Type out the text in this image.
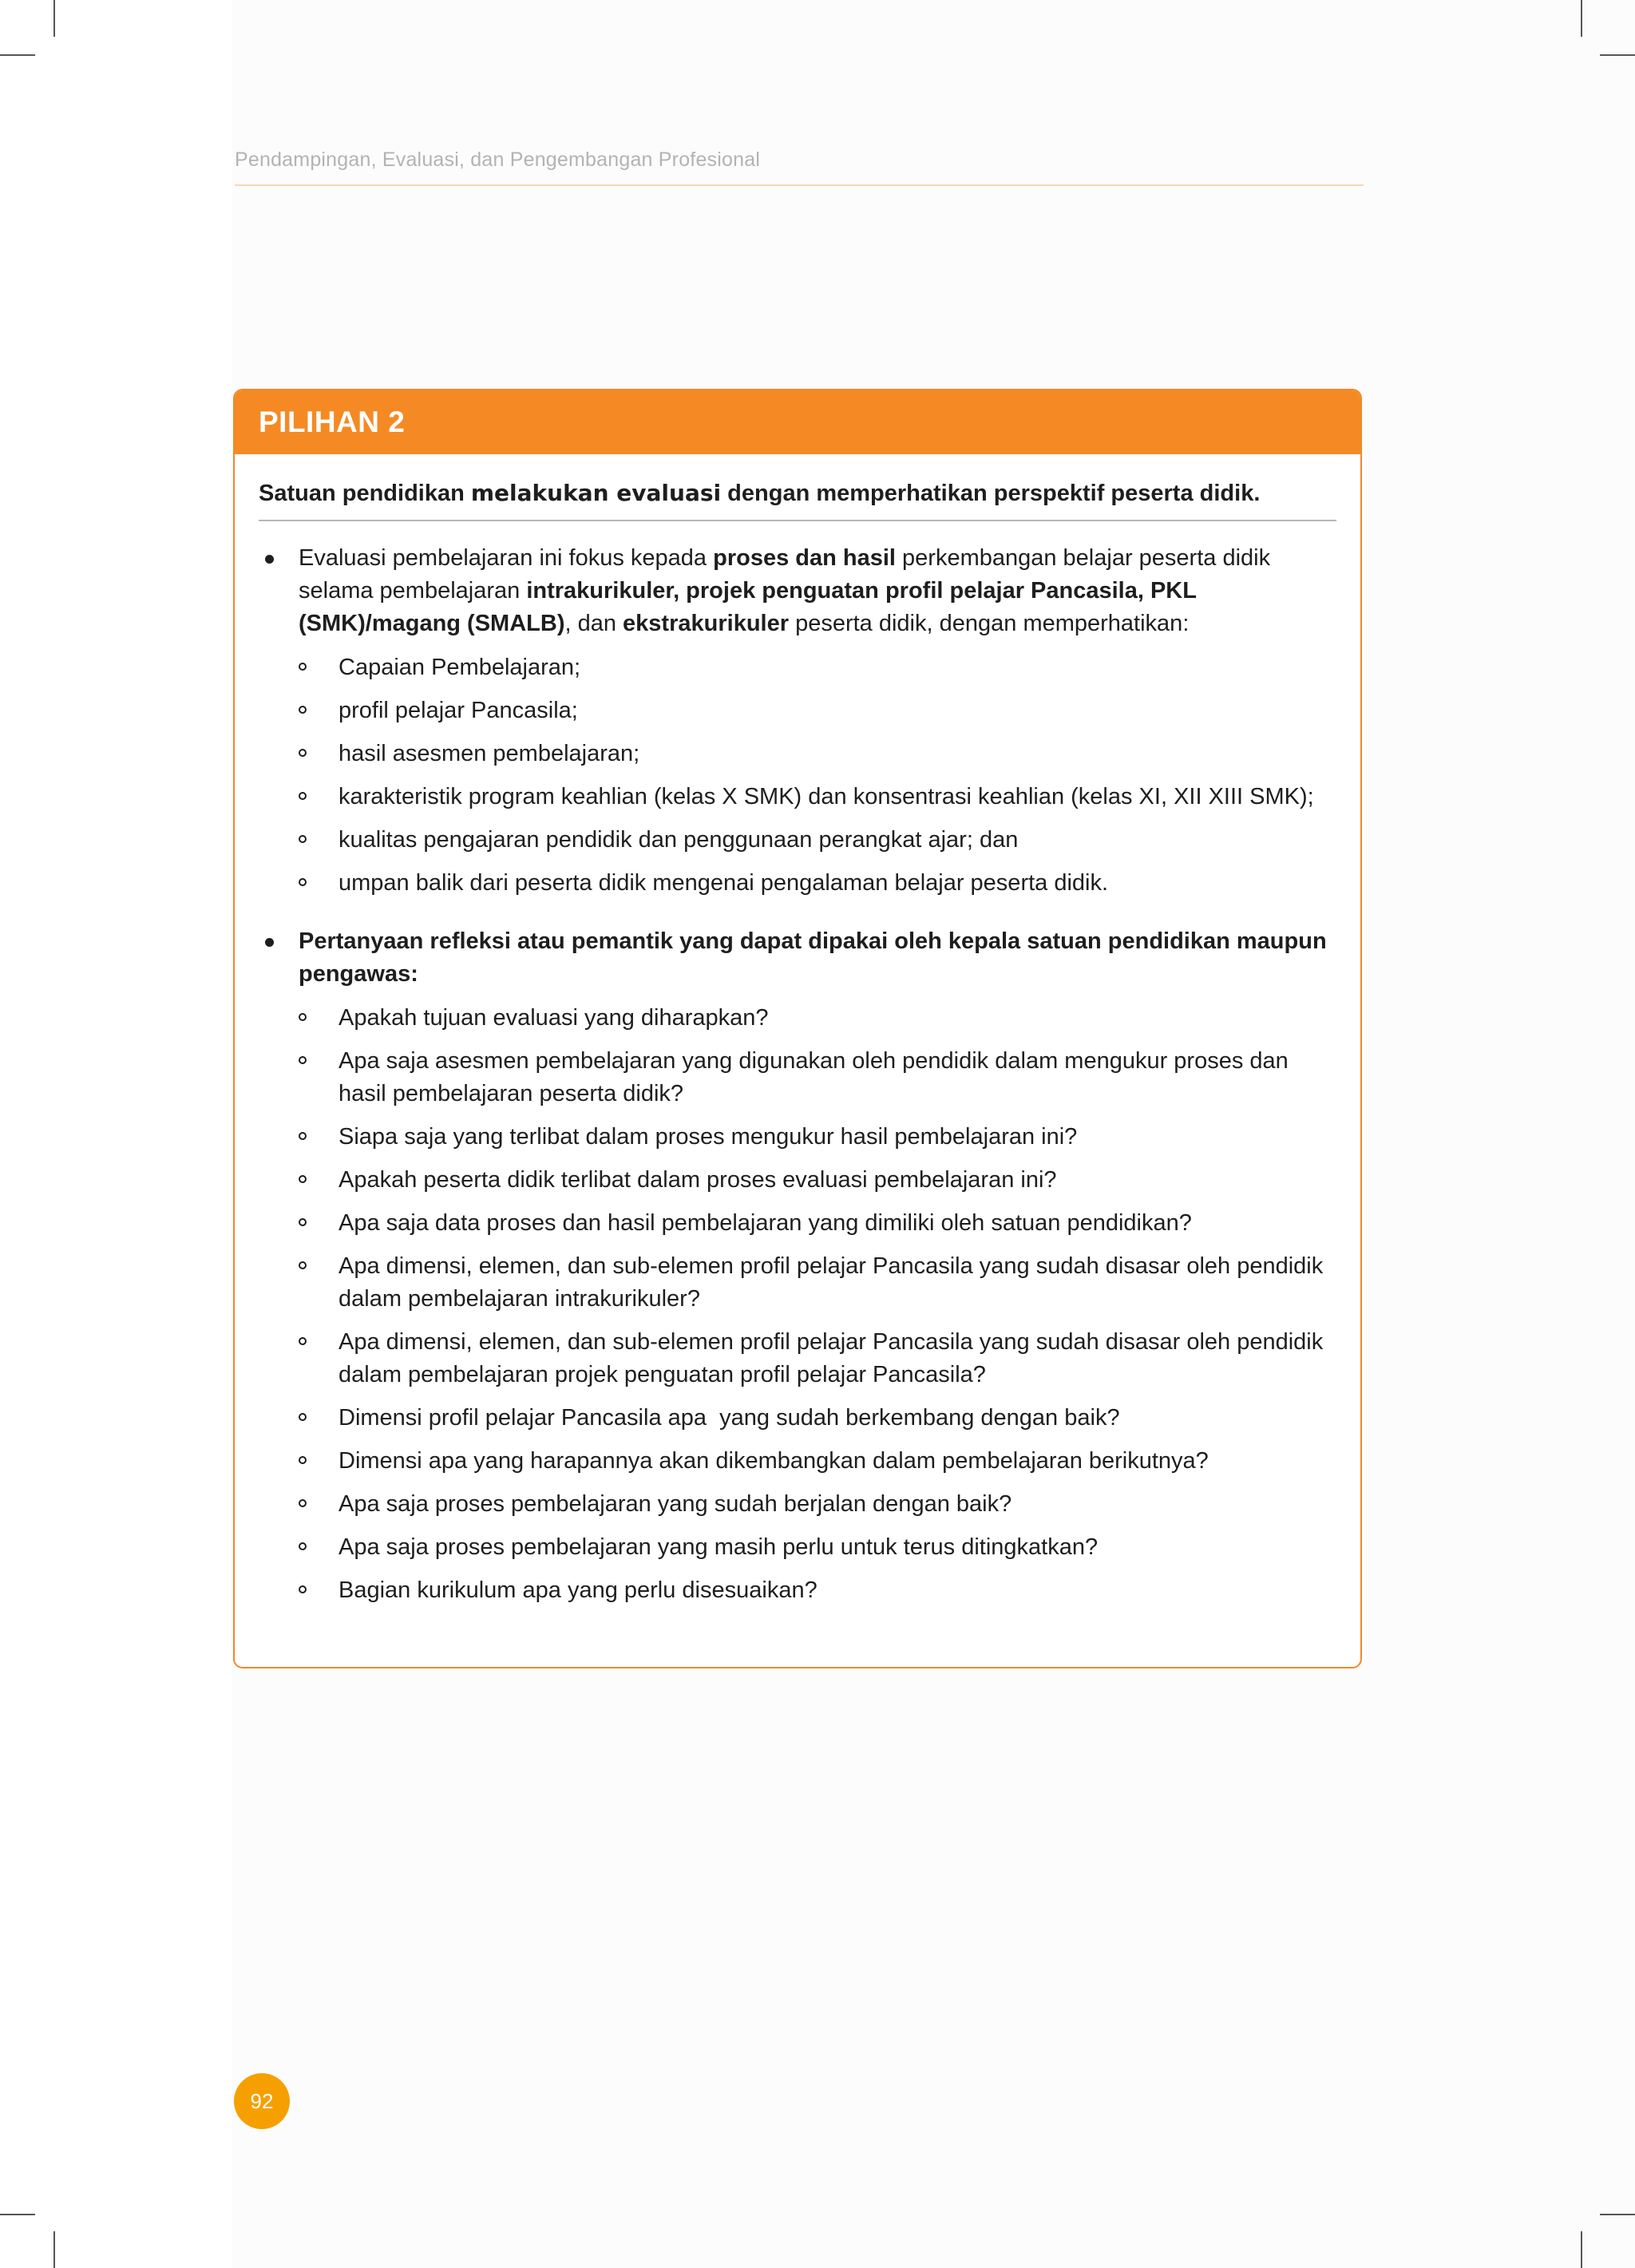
Pendampingan, Evaluasi, dan Pengembangan Profesional
PILIHAN 2
Satuan pendidikan melakukan evaluasi dengan memperhatikan perspektif peserta didik.
Evaluasi pembelajaran ini fokus kepada proses dan hasil perkembangan belajar peserta didik selama pembelajaran intrakurikuler, projek penguatan profil pelajar Pancasila, PKL (SMK)/magang (SMALB), dan ekstrakurikuler peserta didik, dengan memperhatikan:
Capaian Pembelajaran;
profil pelajar Pancasila;
hasil asesmen pembelajaran;
karakteristik program keahlian (kelas X SMK) dan konsentrasi keahlian (kelas XI, XII XIII SMK);
kualitas pengajaran pendidik dan penggunaan perangkat ajar; dan
umpan balik dari peserta didik mengenai pengalaman belajar peserta didik.
Pertanyaan refleksi atau pemantik yang dapat dipakai oleh kepala satuan pendidikan maupun pengawas:
Apakah tujuan evaluasi yang diharapkan?
Apa saja asesmen pembelajaran yang digunakan oleh pendidik dalam mengukur proses dan hasil pembelajaran peserta didik?
Siapa saja yang terlibat dalam proses mengukur hasil pembelajaran ini?
Apakah peserta didik terlibat dalam proses evaluasi pembelajaran ini?
Apa saja data proses dan hasil pembelajaran yang dimiliki oleh satuan pendidikan?
Apa dimensi, elemen, dan sub-elemen profil pelajar Pancasila yang sudah disasar oleh pendidik dalam pembelajaran intrakurikuler?
Apa dimensi, elemen, dan sub-elemen profil pelajar Pancasila yang sudah disasar oleh pendidik dalam pembelajaran projek penguatan profil pelajar Pancasila?
Dimensi profil pelajar Pancasila apa  yang sudah berkembang dengan baik?
Dimensi apa yang harapannya akan dikembangkan dalam pembelajaran berikutnya?
Apa saja proses pembelajaran yang sudah berjalan dengan baik?
Apa saja proses pembelajaran yang masih perlu untuk terus ditingkatkan?
Bagian kurikulum apa yang perlu disesuaikan?
92
